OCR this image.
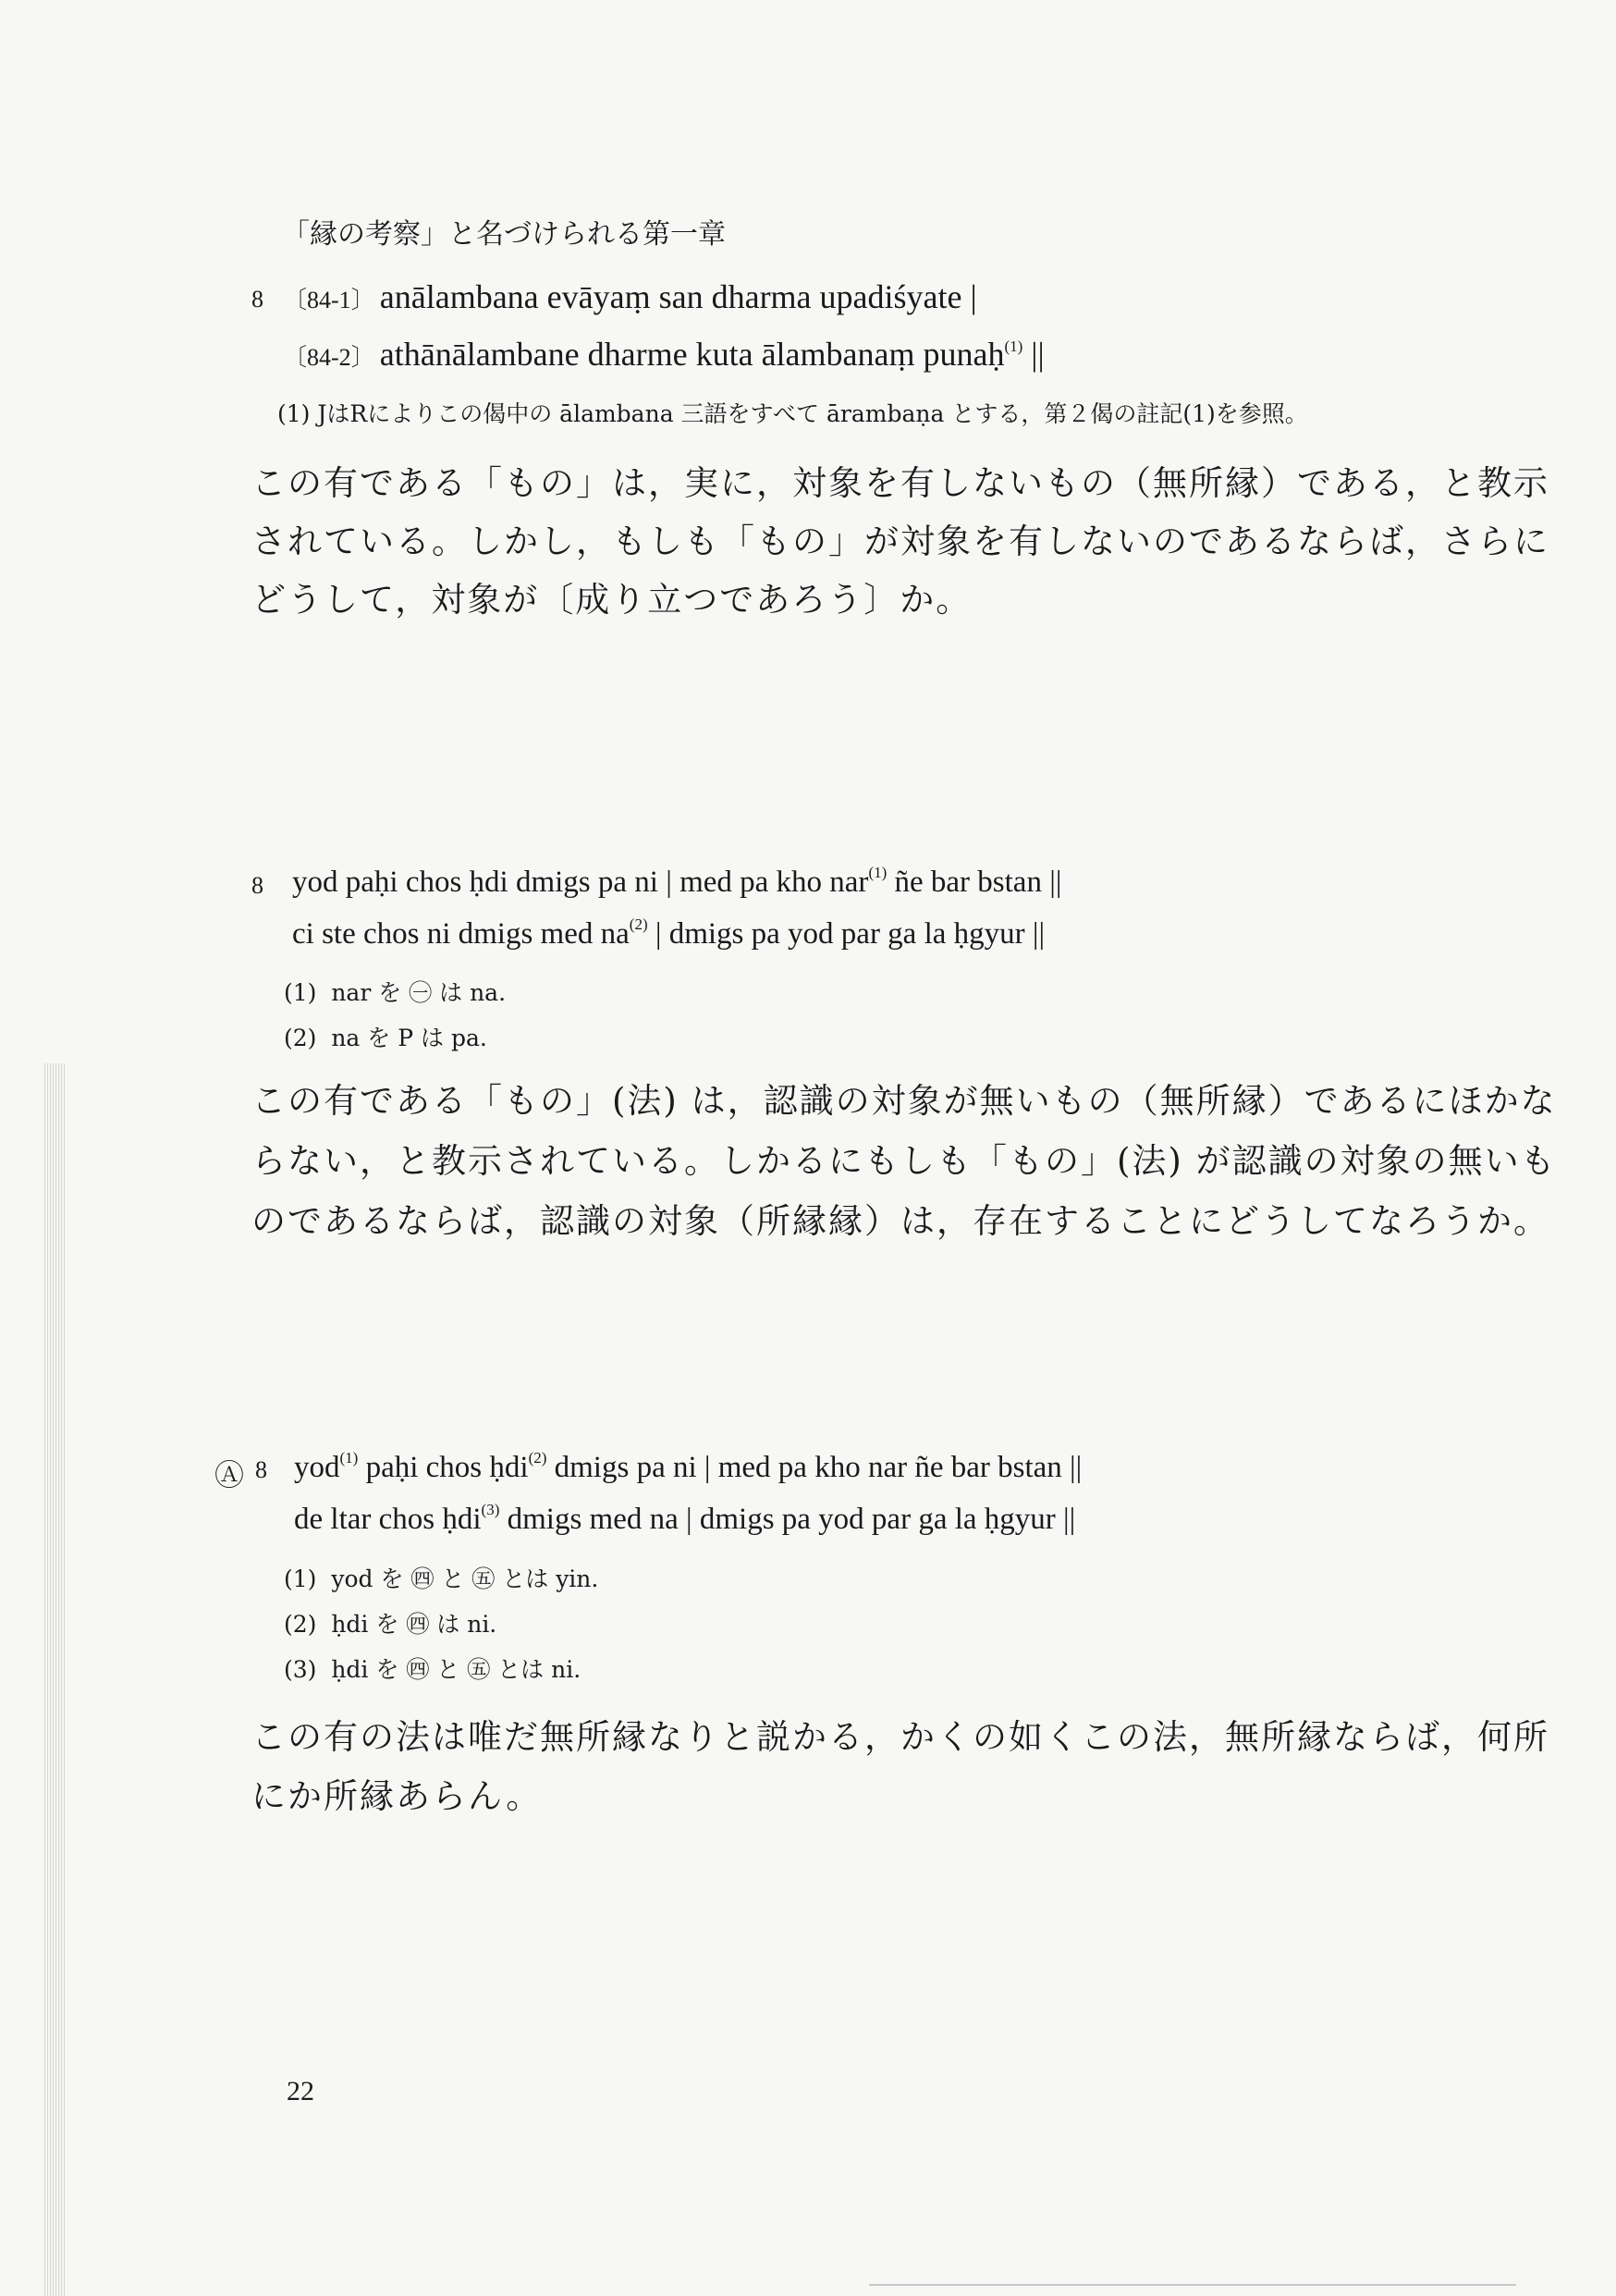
「縁の考察」と名づけられる第一章
8 〔84-1〕 anālambana evāyaṃ san dharma upadiśyate |
〔84-2〕 athānālambane dharme kuta ālambanaṃ punaḥ$^{(1)}$ ||
(1) JはRによりこの偈中の ālambana 三語をすべて ārambaṇa とする，第２偈の註記(1)を参照。
この有である「もの」は，実に，対象を有しないもの（無所縁）である，と教示
されている。しかし，もしも「もの」が対象を有しないのであるならば，さらに
どうして，対象が〔成り立つであろう〕か。
8 yod paḥi chos ḥdi dmigs pa ni | med pa kho nar$^{(1)}$ ñe bar bstan ||
ci ste chos ni dmigs med $na^{(2)}$ | dmigs pa yod par ga la ḥgyur ||
(1) nar を ㊀ は na.
(2) na を P は pa.
この有である「もの」(法) は，認識の対象が無いもの（無所縁）であるにほかな
らない，と教示されている。しかるにもしも「もの」(法) が認識の対象の無いも
のであるならば，認識の対象（所縁縁）は，存在することにどうしてなろうか。
Ⓐ 8 yod$^{(1)}$ paḥi chos ḥdi$^{(2)}$ dmigs pa ni | med pa kho nar ñe bar bstan ||
de ltar chos ḥdi$^{(3)}$ dmigs med na | dmigs pa yod par ga la ḥgyur ||
(1) yod を ㊃ と ㊄ とは yin.
(2) ḥdi を ㊃ は ni.
(3) ḥdi を ㊃ と ㊄ とは ni.
この有の法は唯だ無所縁なりと説かる，かくの如くこの法，無所縁ならば，何所
にか所縁あらん。
22
